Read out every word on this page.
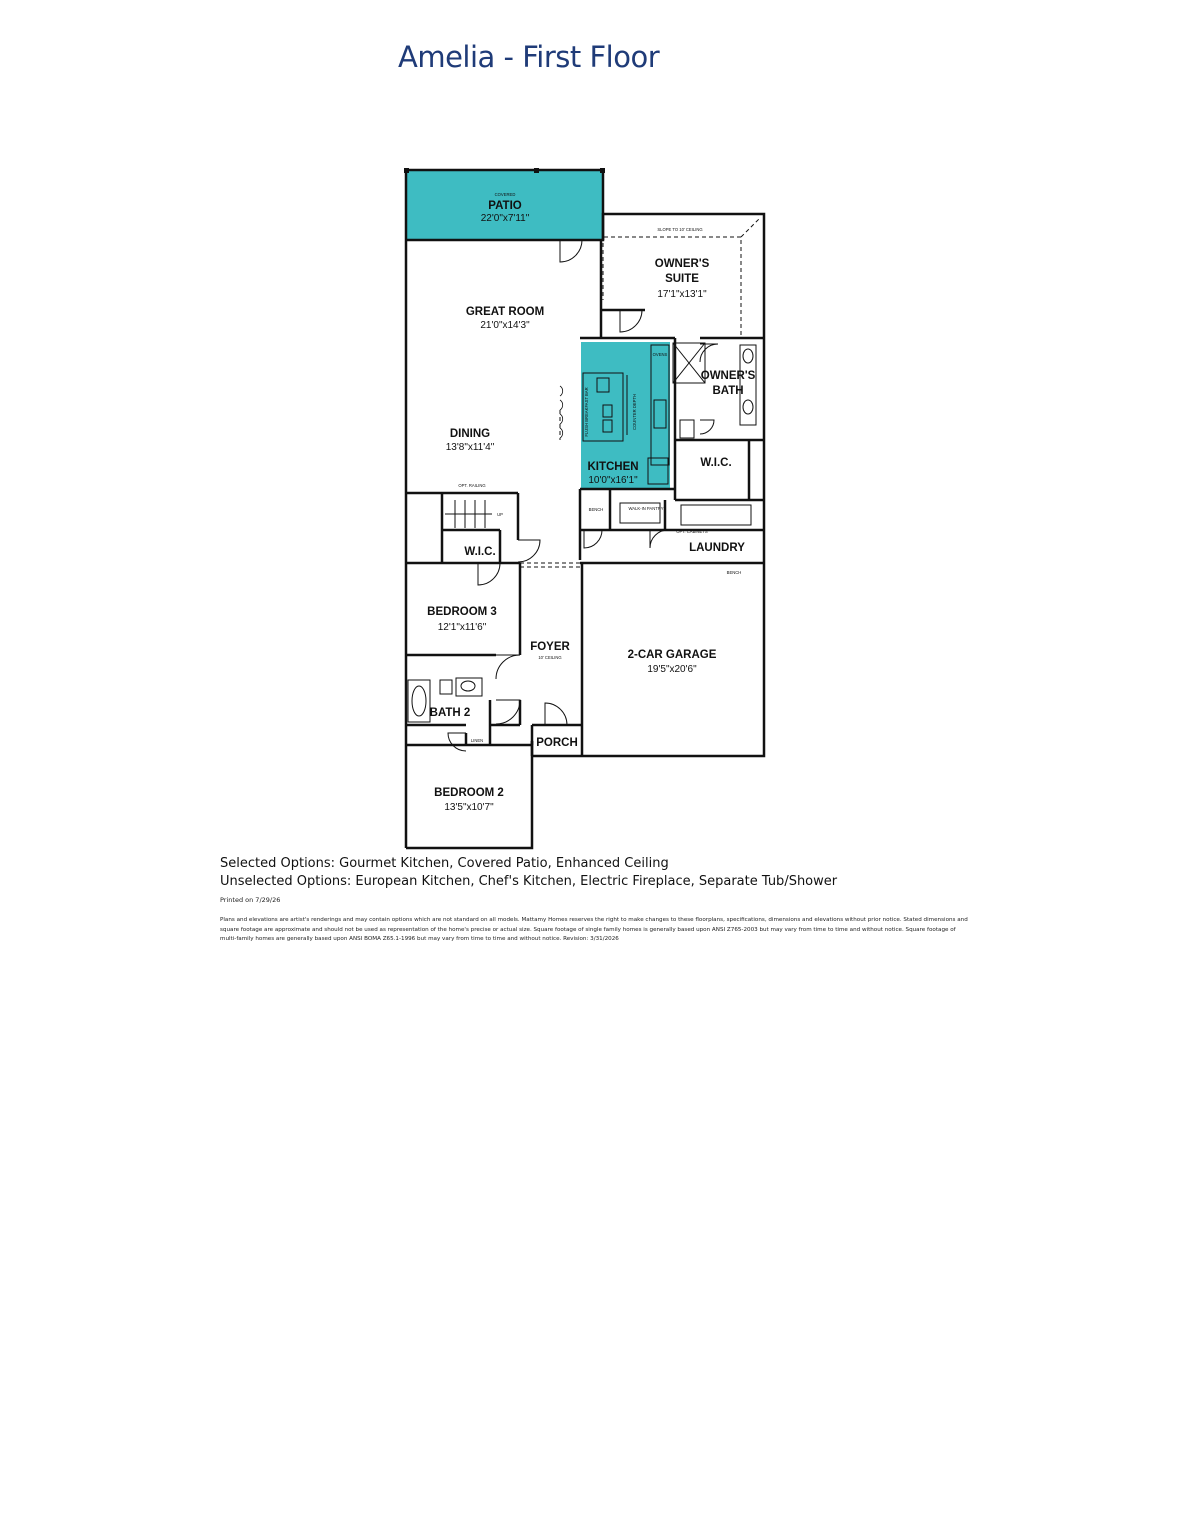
Amelia - First Floor
COVERED
PATIO
22'0"x7'11"
SLOPE TO 10' CEILING
OWNER'S
SUITE
17'1"x13'1"
GREAT ROOM
21'0"x14'3"
DINING
13'8"x11'4"
KITCHEN
10'0"x16'1"
OWNER'S
BATH
W.I.C.
W.I.C.	LAUNDRY
BEDROOM 3
12'1"x11'6"
FOYER
10' CEILING	2-CAR GARAGE
19'5"x20'6"
BATH 2
PORCH
BEDROOM 2
13'5"x10'7"
OPT. RAILING
UP
BENCH	WALK-IN PANTRY
OPT. CABINETS
LINEN
BENCH
OVENS
FLUSH BREAKFAST BAR	COUNTER DEPTH
Selected Options: Gourmet Kitchen, Covered Patio, Enhanced Ceiling
Unselected Options: European Kitchen, Chef's Kitchen, Electric Fireplace, Separate Tub/Shower
Printed on 7/29/26
Plans and elevations are artist's renderings and may contain options which are not standard on all models. Mattamy Homes reserves the right to make changes to these floorplans, specifications, dimensions and elevations without prior notice. Stated dimensions and square footage are approximate and should not be used as representation of the home's precise or actual size. Square footage of single family homes is generally based upon ANSI Z765-2003 but may vary from time to time and without notice. Square footage of multi-family homes are generally based upon ANSI BOMA Z65.1-1996 but may vary from time to time and without notice. Revision: 3/31/2026
